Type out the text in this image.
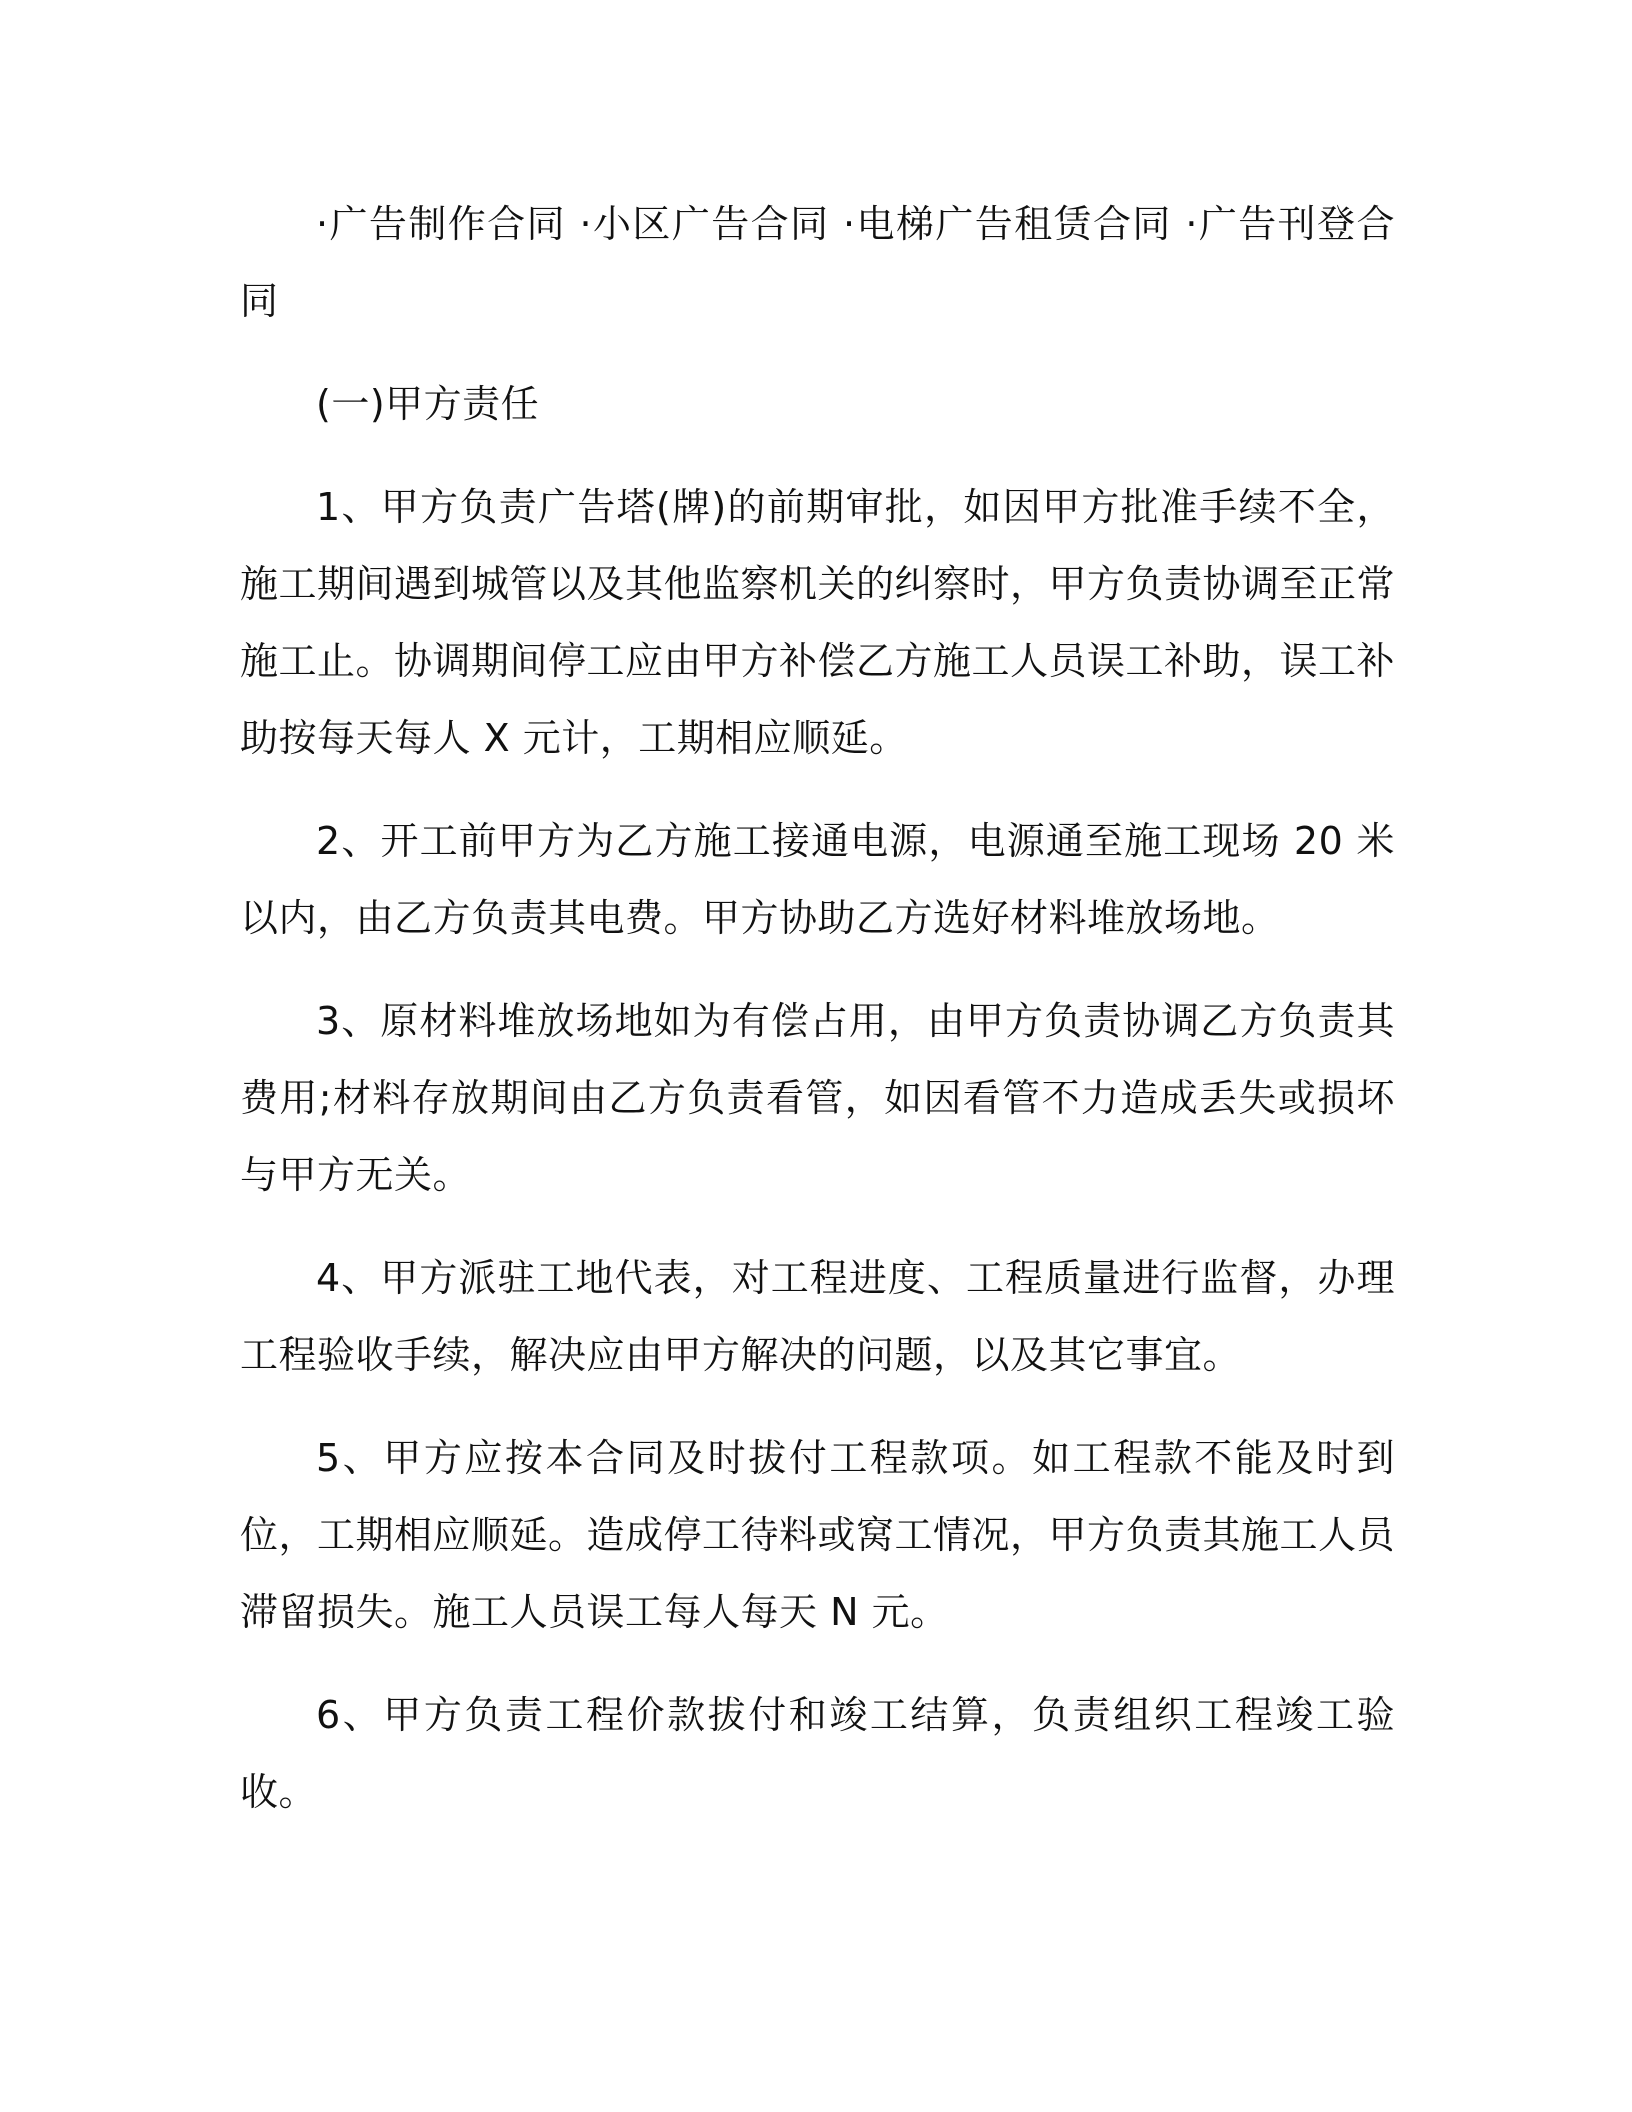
·广告制作合同 ·小区广告合同 ·电梯广告租赁合同 ·广告刊登合同

(一)甲方责任

1、甲方负责广告塔(牌)的前期审批，如因甲方批准手续不全，施工期间遇到城管以及其他监察机关的纠察时，甲方负责协调至正常施工止。协调期间停工应由甲方补偿乙方施工人员误工补助，误工补助按每天每人 X 元计，工期相应顺延。

2、开工前甲方为乙方施工接通电源，电源通至施工现场 20 米以内，由乙方负责其电费。甲方协助乙方选好材料堆放场地。

3、原材料堆放场地如为有偿占用，由甲方负责协调乙方负责其费用;材料存放期间由乙方负责看管，如因看管不力造成丢失或损坏与甲方无关。

4、甲方派驻工地代表，对工程进度、工程质量进行监督，办理工程验收手续，解决应由甲方解决的问题，以及其它事宜。

5、甲方应按本合同及时拔付工程款项。如工程款不能及时到位，工期相应顺延。造成停工待料或窝工情况，甲方负责其施工人员滞留损失。施工人员误工每人每天 N 元。

6、甲方负责工程价款拔付和竣工结算，负责组织工程竣工验收。
